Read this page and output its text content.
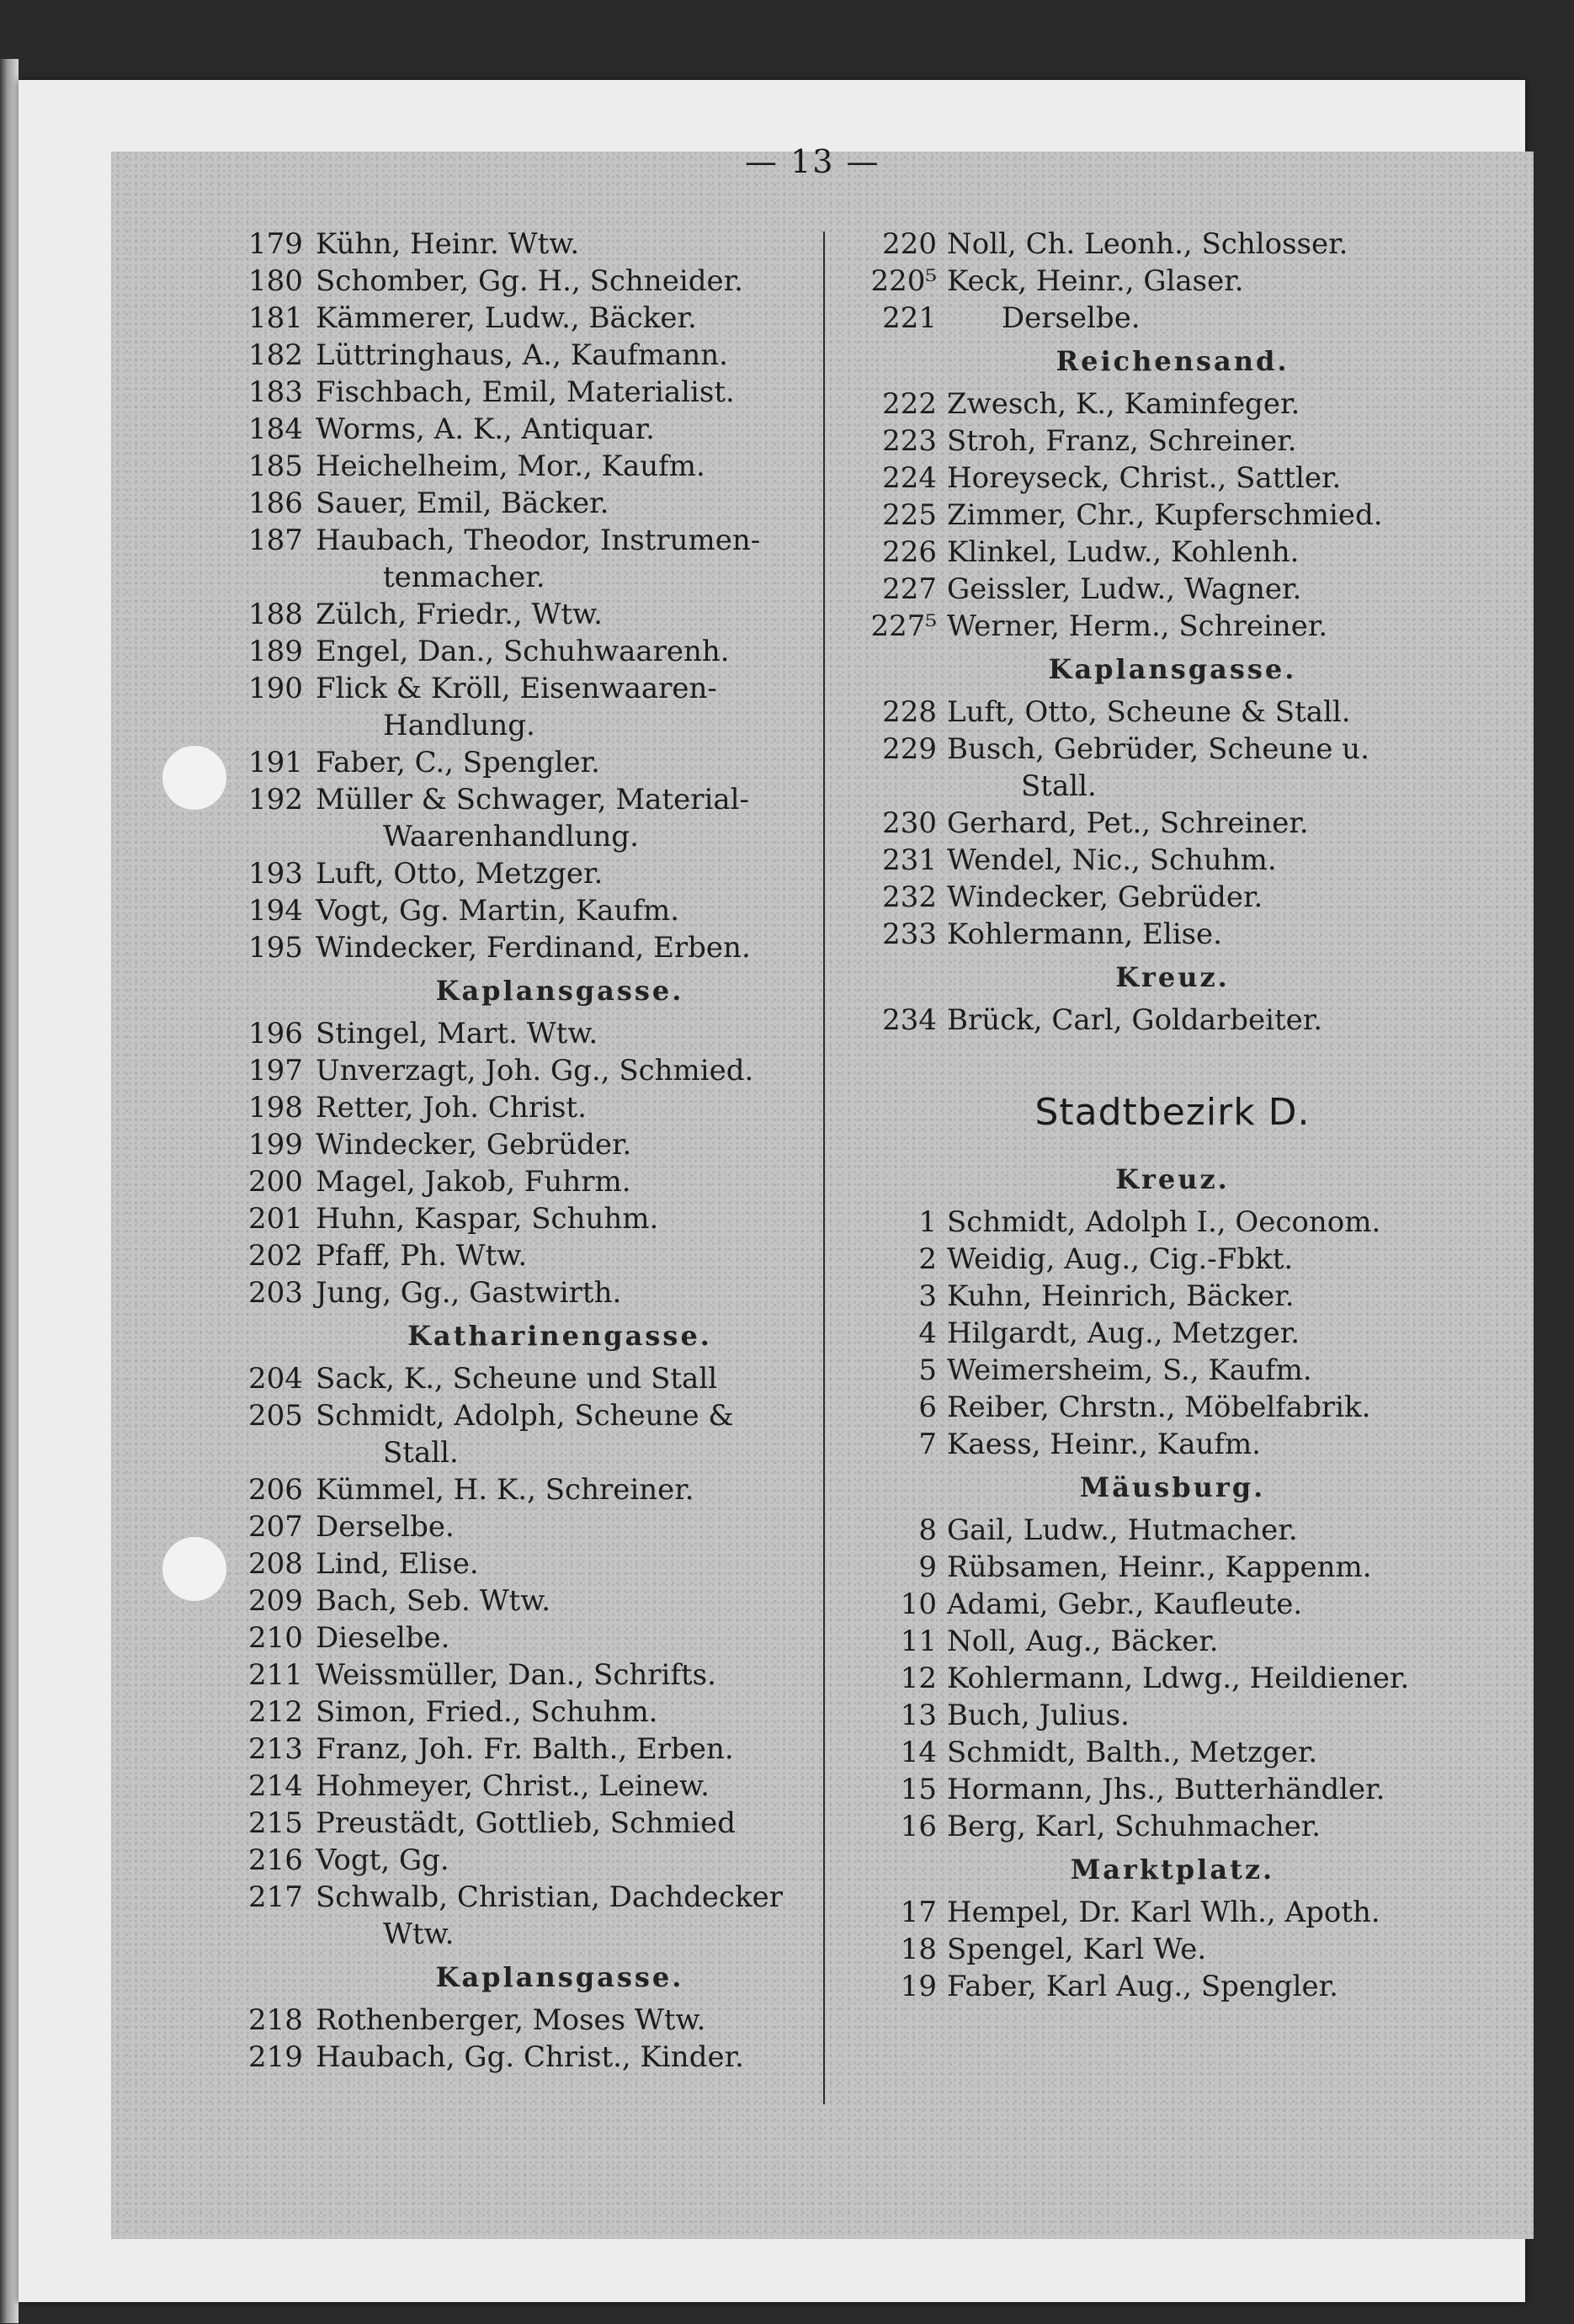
— 13 —
179 Kühn, Heinr. Wtw.
180 Schomber, Gg. H., Schneider.
181 Kämmerer, Ludw., Bäcker.
182 Lüttringhaus, A., Kaufmann.
183 Fischbach, Emil, Materialist.
184 Worms, A. K., Antiquar.
185 Heichelheim, Mor., Kaufm.
186 Sauer, Emil, Bäcker.
187 Haubach, Theodor, Instrumen-
tenmacher.
188 Zülch, Friedr., Wtw.
189 Engel, Dan., Schuhwaarenh.
190 Flick & Kröll, Eisenwaaren-
Handlung.
191 Faber, C., Spengler.
192 Müller & Schwager, Material-
Waarenhandlung.
193 Luft, Otto, Metzger.
194 Vogt, Gg. Martin, Kaufm.
195 Windecker, Ferdinand, Erben.
Kaplansgasse.
196 Stingel, Mart. Wtw.
197 Unverzagt, Joh. Gg., Schmied.
198 Retter, Joh. Christ.
199 Windecker, Gebrüder.
200 Magel, Jakob, Fuhrm.
201 Huhn, Kaspar, Schuhm.
202 Pfaff, Ph. Wtw.
203 Jung, Gg., Gastwirth.
Katharinengasse.
204 Sack, K., Scheune und Stall
205 Schmidt, Adolph, Scheune &
Stall.
206 Kümmel, H. K., Schreiner.
207 Derselbe.
208 Lind, Elise.
209 Bach, Seb. Wtw.
210 Dieselbe.
211 Weissmüller, Dan., Schrifts.
212 Simon, Fried., Schuhm.
213 Franz, Joh. Fr. Balth., Erben.
214 Hohmeyer, Christ., Leinew.
215 Preustädt, Gottlieb, Schmied
216 Vogt, Gg.
217 Schwalb, Christian, Dachdecker
Wtw.
Kaplansgasse.
218 Rothenberger, Moses Wtw.
219 Haubach, Gg. Christ., Kinder.
220 Noll, Ch. Leonh., Schlosser.
220⁵ Keck, Heinr., Glaser.
221 Derselbe.
Reichensand.
222 Zwesch, K., Kaminfeger.
223 Stroh, Franz, Schreiner.
224 Horeyseck, Christ., Sattler.
225 Zimmer, Chr., Kupferschmied.
226 Klinkel, Ludw., Kohlenh.
227 Geissler, Ludw., Wagner.
227⁵ Werner, Herm., Schreiner.
Kaplansgasse.
228 Luft, Otto, Scheune & Stall.
229 Busch, Gebrüder, Scheune u.
Stall.
230 Gerhard, Pet., Schreiner.
231 Wendel, Nic., Schuhm.
232 Windecker, Gebrüder.
233 Kohlermann, Elise.
Kreuz.
234 Brück, Carl, Goldarbeiter.
Stadtbezirk D.
Kreuz.
1 Schmidt, Adolph I., Oeconom.
2 Weidig, Aug., Cig.-Fbkt.
3 Kuhn, Heinrich, Bäcker.
4 Hilgardt, Aug., Metzger.
5 Weimersheim, S., Kaufm.
6 Reiber, Chrstn., Möbelfabrik.
7 Kaess, Heinr., Kaufm.
Mäusburg.
8 Gail, Ludw., Hutmacher.
9 Rübsamen, Heinr., Kappenm.
10 Adami, Gebr., Kaufleute.
11 Noll, Aug., Bäcker.
12 Kohlermann, Ldwg., Heildiener.
13 Buch, Julius.
14 Schmidt, Balth., Metzger.
15 Hormann, Jhs., Butterhändler.
16 Berg, Karl, Schuhmacher.
Marktplatz.
17 Hempel, Dr. Karl Wlh., Apoth.
18 Spengel, Karl We.
19 Faber, Karl Aug., Spengler.
